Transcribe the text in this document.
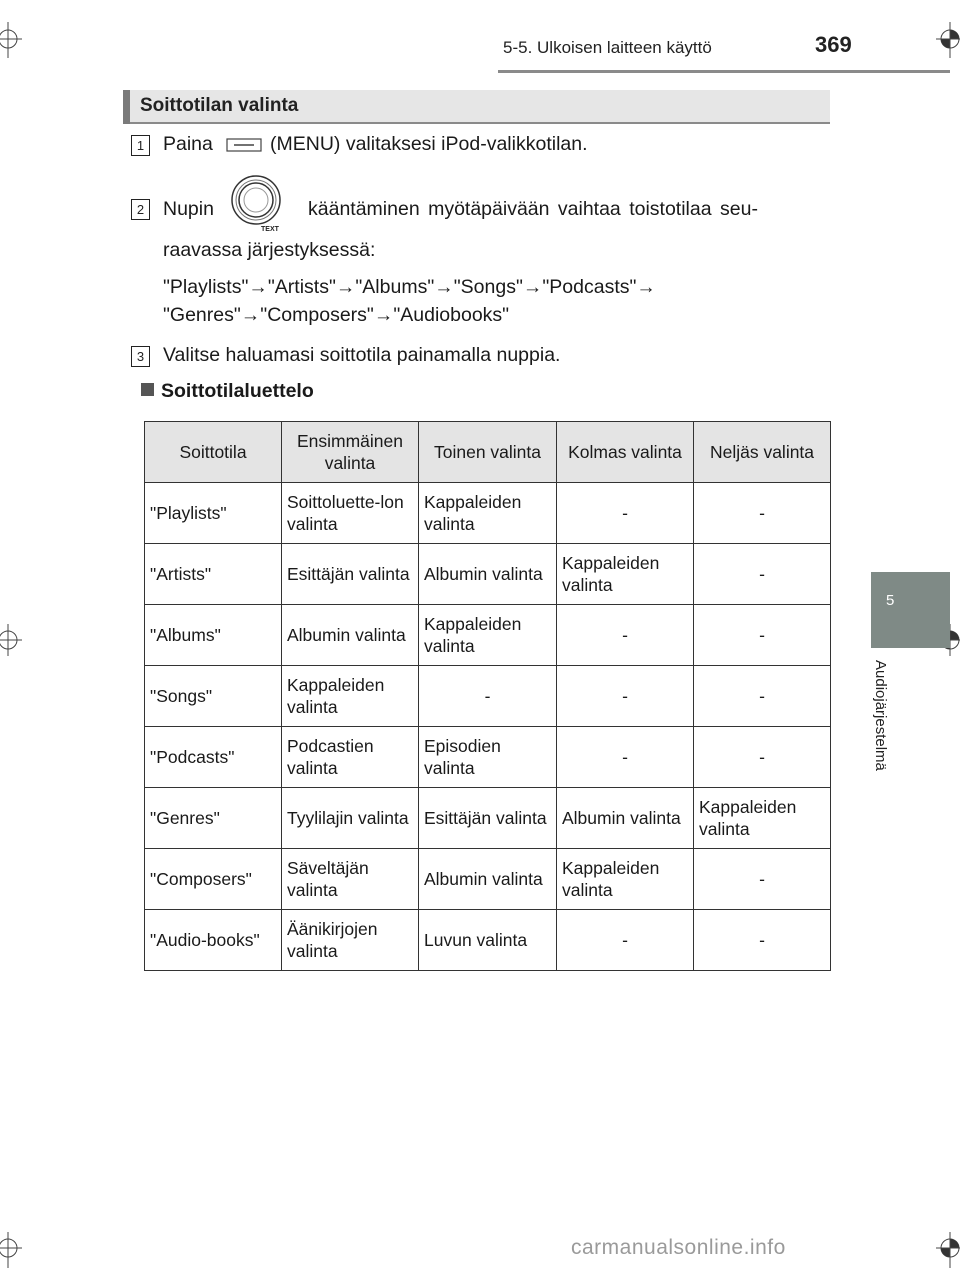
5-5. Ulkoisen laitteen käyttö	369
Soittotilan valinta
1 Paina	(MENU) valitaksesi iPod-valikkotilan.
2 Nupin
TEXT
kääntäminen myötäpäivään vaihtaa toistotilaa seu-
raavassa järjestyksessä:
"Playlists"→"Artists"→"Albums"→"Songs"→"Podcasts"→
"Genres"→"Composers"→"Audiobooks"
3 Valitse haluamasi soittotila painamalla nuppia.
Soittotilaluettelo
Soittotila	Ensimmäinen valinta	Toinen valinta	Kolmas valinta	Neljäs valinta
"Playlists"	Soittoluette-lon valinta	Kappaleiden valinta	-	-
"Artists"	Esittäjän valinta	Albumin valinta	Kappaleiden valinta	-
"Albums"	Albumin valinta	Kappaleiden valinta	-	-
"Songs"	Kappaleiden valinta	-	-	-
"Podcasts"	Podcastien valinta	Episodien valinta	-	-
"Genres"	Tyylilajin valinta	Esittäjän valinta	Albumin valinta	Kappaleiden valinta
"Composers"	Säveltäjän valinta	Albumin valinta	Kappaleiden valinta	-
"Audio-books"	Äänikirjojen valinta	Luvun valinta	-	-
5
Audiojärjestelmä
carmanualsonline.info
